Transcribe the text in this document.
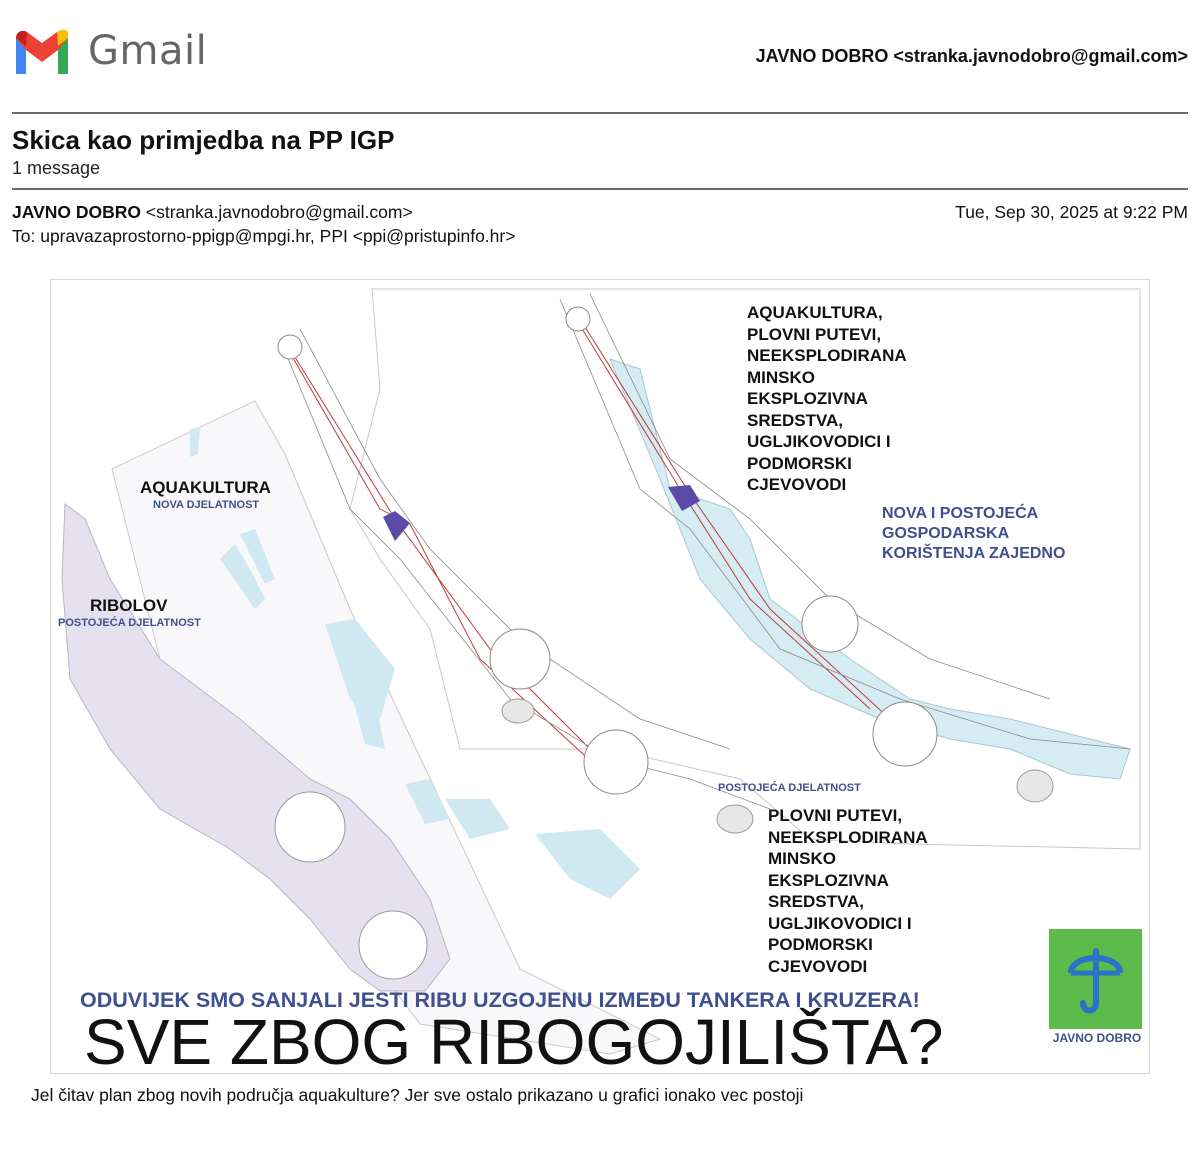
Gmail	JAVNO DOBRO <stranka.javnodobro@gmail.com>
Skica kao primjedba na PP IGP
1 message
JAVNO DOBRO <stranka.javnodobro@gmail.com>	Tue, Sep 30, 2025 at 9:22 PM
To: upravazaprostorno-ppigp@mpgi.hr, PPI <ppi@pristupinfo.hr>
AQUAKULTURA
NOVA DJELATNOST
RIBOLOV
POSTOJEĆA DJELATNOST
AQUAKULTURA,
PLOVNI PUTEVI,
NEEKSPLODIRANA
MINSKO
EKSPLOZIVNA
SREDSTVA,
UGLJIKOVODICI I
PODMORSKI
CJEVOVODI
NOVA I POSTOJEĆA
GOSPODARSKA
KORIŠTENJA ZAJEDNO
POSTOJEĆA DJELATNOST
PLOVNI PUTEVI,
NEEKSPLODIRANA
MINSKO
EKSPLOZIVNA
SREDSTVA,
UGLJIKOVODICI I
PODMORSKI
CJEVOVODI
JAVNO DOBRO
ODUVIJEK SMO SANJALI JESTI RIBU UZGOJENU IZMEĐU TANKERA I KRUZERA!
SVE ZBOG RIBOGOJILIŠTA?
Jel čitav plan zbog novih područja aquakulture? Jer sve ostalo prikazano u grafici ionako vec postoji
